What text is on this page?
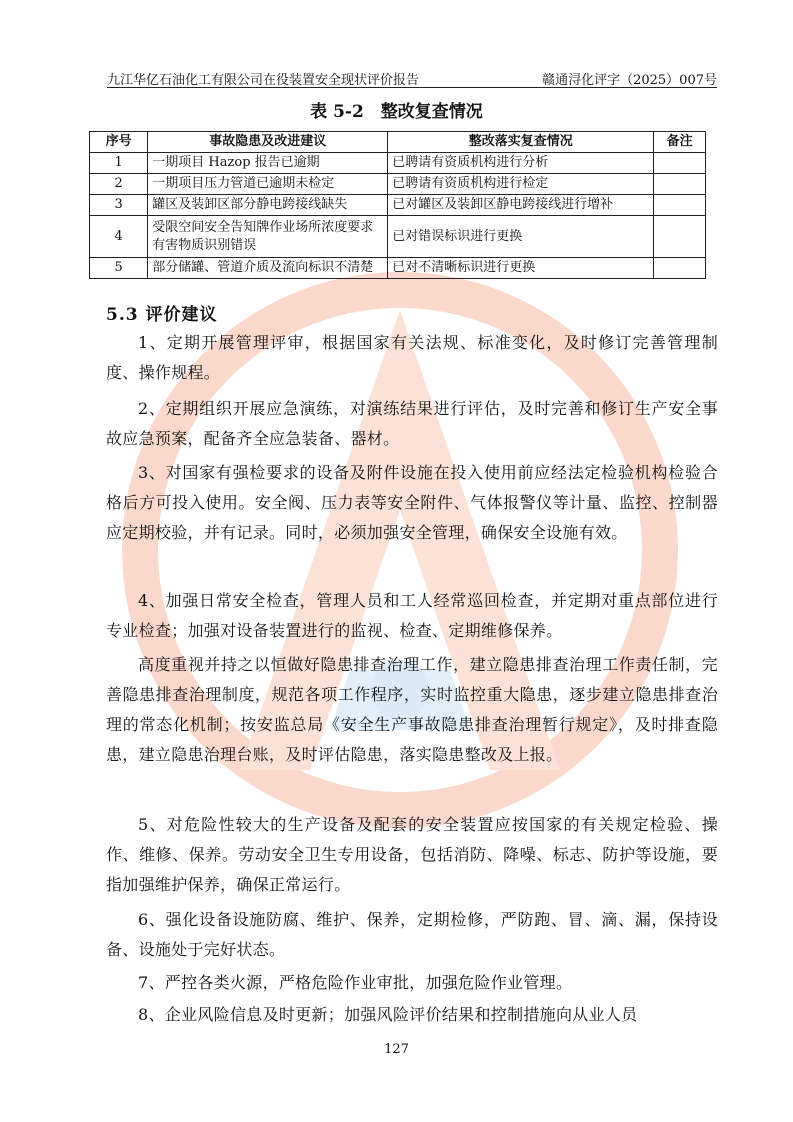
九江华亿石油化工有限公司在役装置安全现状评价报告	赣通浔化评字（2025）007号
表 5-2　整改复查情况
序号	事故隐患及改进建议	整改落实复查情况	备注
1	一期项目 Hazop 报告已逾期	已聘请有资质机构进行分析	
2	一期项目压力管道已逾期未检定	已聘请有资质机构进行检定	
3	罐区及装卸区部分静电跨接线缺失	已对罐区及装卸区静电跨接线进行增补	
4	受限空间安全告知牌作业场所浓度要求有害物质识别错误	已对错误标识进行更换	
5	部分储罐、管道介质及流向标识不清楚	已对不清晰标识进行更换	
5.3 评价建议

1、定期开展管理评审，根据国家有关法规、标准变化，及时修订完善管理制度、操作规程。

2、定期组织开展应急演练，对演练结果进行评估，及时完善和修订生产安全事故应急预案，配备齐全应急装备、器材。

3、对国家有强检要求的设备及附件设施在投入使用前应经法定检验机构检验合格后方可投入使用。安全阀、压力表等安全附件、气体报警仪等计量、监控、控制器应定期校验，并有记录。同时，必须加强安全管理，确保安全设施有效。

4、加强日常安全检查，管理人员和工人经常巡回检查，并定期对重点部位进行专业检查；加强对设备装置进行的监视、检查、定期维修保养。

高度重视并持之以恒做好隐患排查治理工作，建立隐患排查治理工作责任制，完善隐患排查治理制度，规范各项工作程序，实时监控重大隐患，逐步建立隐患排查治理的常态化机制；按安监总局《安全生产事故隐患排查治理暂行规定》，及时排查隐患，建立隐患治理台账，及时评估隐患，落实隐患整改及上报。

5、对危险性较大的生产设备及配套的安全装置应按国家的有关规定检验、操作、维修、保养。劳动安全卫生专用设备，包括消防、降噪、标志、防护等设施，要指加强维护保养，确保正常运行。

6、强化设备设施防腐、维护、保养，定期检修，严防跑、冒、滴、漏，保持设备、设施处于完好状态。

7、严控各类火源，严格危险作业审批，加强危险作业管理。

8、企业风险信息及时更新；加强风险评价结果和控制措施向从业人员

127
